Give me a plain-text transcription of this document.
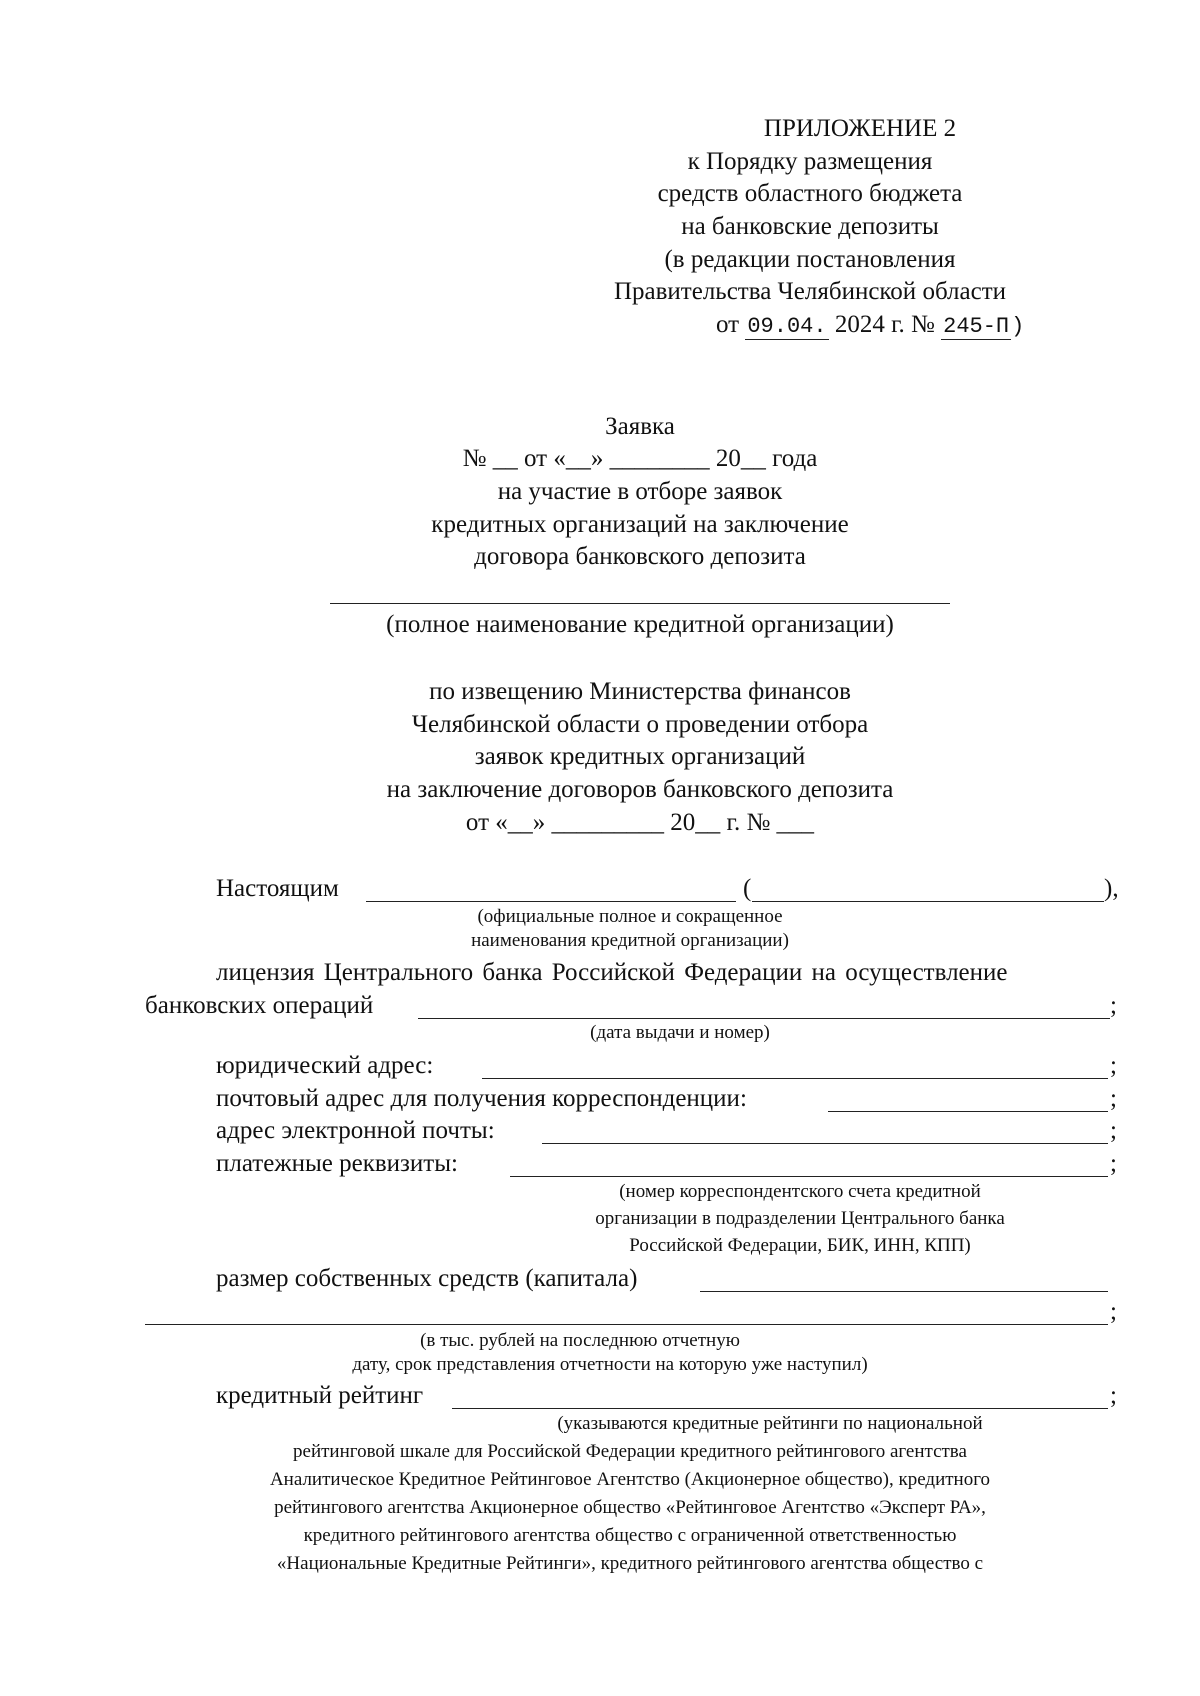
ПРИЛОЖЕНИЕ 2
к Порядку размещения
средств областного бюджета
на банковские депозиты
(в редакции постановления
Правительства Челябинской области
от 09.04. 2024 г. № 245-П)
Заявка
№ __ от «__» ________ 20__ года
на участие в отборе заявок
кредитных организаций на заключение
договора банковского депозита
(полное наименование кредитной организации)
по извещению Министерства финансов
Челябинской области о проведении отбора
заявок кредитных организаций
на заключение договоров банковского депозита
от «__» _________ 20__ г. № ___
Настоящим	(	),
(официальные полное и сокращенное
наименования кредитной организации)
лицензия Центрального банка Российской Федерации на осуществление
банковских операций	;
(дата выдачи и номер)
юридический адрес:	;
почтовый адрес для получения корреспонденции:	;
адрес электронной почты:	;
платежные реквизиты:	;
(номер корреспондентского счета кредитной
организации в подразделении Центрального банка
Российской Федерации, БИК, ИНН, КПП)
размер собственных средств (капитала)
;
(в тыс. рублей на последнюю отчетную
дату, срок представления отчетности на которую уже наступил)
кредитный рейтинг	;
(указываются кредитные рейтинги по национальной
рейтинговой шкале для Российской Федерации кредитного рейтингового агентства
Аналитическое Кредитное Рейтинговое Агентство (Акционерное общество), кредитного
рейтингового агентства Акционерное общество «Рейтинговое Агентство «Эксперт РА»,
кредитного рейтингового агентства общество с ограниченной ответственностью
«Национальные Кредитные Рейтинги», кредитного рейтингового агентства общество с
